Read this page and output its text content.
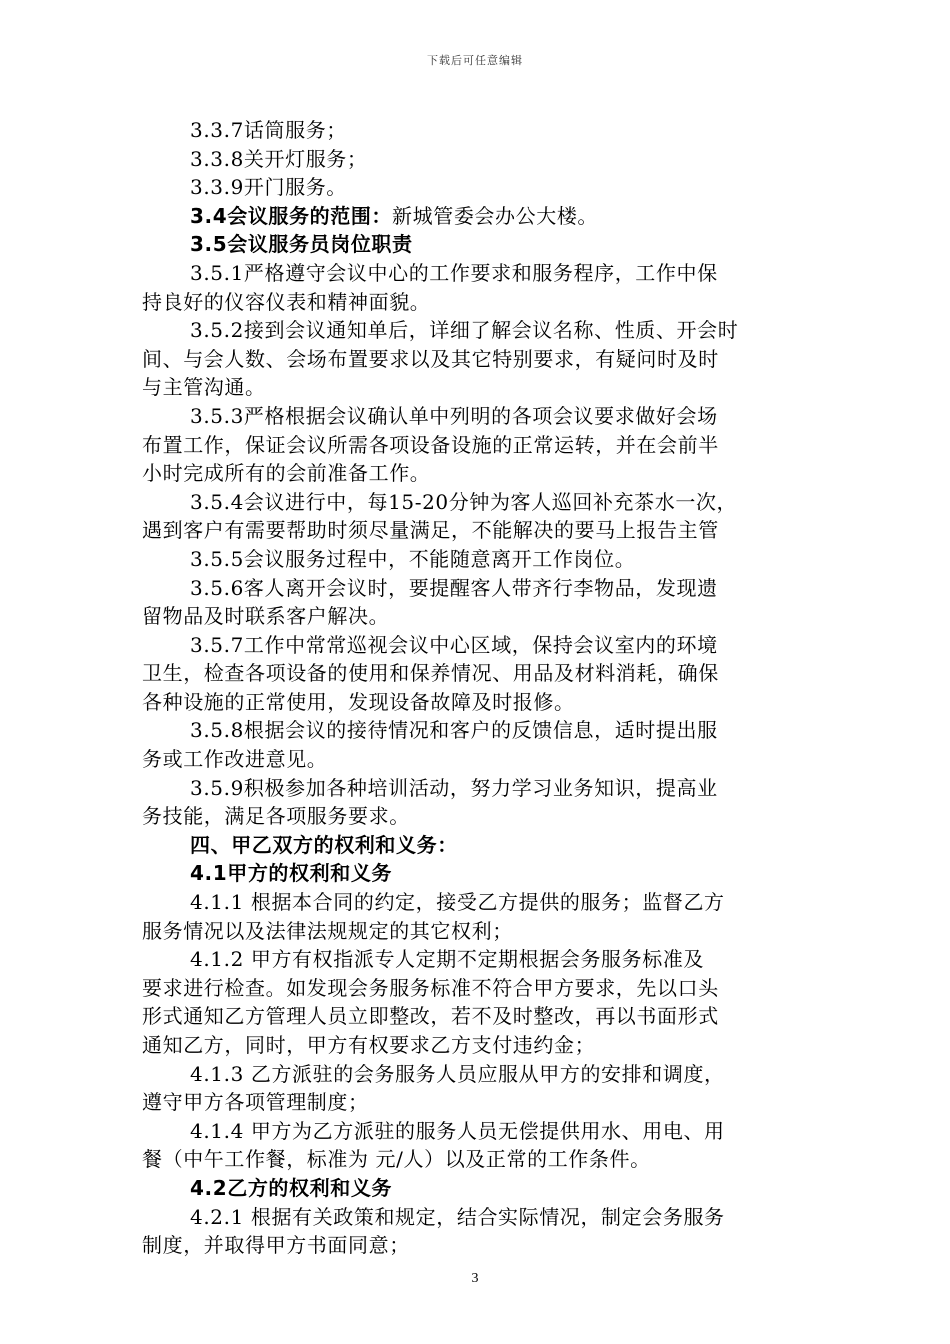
下载后可任意编辑
3.3.7话筒服务；
3.3.8关开灯服务；
3.3.9开门服务。
3.4会议服务的范围：新城管委会办公大楼。
3.5会议服务员岗位职责
3.5.1严格遵守会议中心的工作要求和服务程序，工作中保
持良好的仪容仪表和精神面貌。
3.5.2接到会议通知单后，详细了解会议名称、性质、开会时
间、与会人数、会场布置要求以及其它特别要求，有疑问时及时
与主管沟通。
3.5.3严格根据会议确认单中列明的各项会议要求做好会场
布置工作，保证会议所需各项设备设施的正常运转，并在会前半
小时完成所有的会前准备工作。
3.5.4会议进行中，每15-20分钟为客人巡回补充茶水一次，
遇到客户有需要帮助时须尽量满足，不能解决的要马上报告主管
3.5.5会议服务过程中，不能随意离开工作岗位。
3.5.6客人离开会议时，要提醒客人带齐行李物品，发现遗
留物品及时联系客户解决。
3.5.7工作中常常巡视会议中心区域，保持会议室内的环境
卫生，检查各项设备的使用和保养情况、用品及材料消耗，确保
各种设施的正常使用，发现设备故障及时报修。
3.5.8根据会议的接待情况和客户的反馈信息，适时提出服
务或工作改进意见。
3.5.9积极参加各种培训活动，努力学习业务知识，提高业
务技能，满足各项服务要求。
四、甲乙双方的权利和义务：
4.1甲方的权利和义务
4.1.1 根据本合同的约定，接受乙方提供的服务；监督乙方
服务情况以及法律法规规定的其它权利；
4.1.2 甲方有权指派专人定期不定期根据会务服务标准及
要求进行检查。如发现会务服务标准不符合甲方要求，先以口头
形式通知乙方管理人员立即整改，若不及时整改，再以书面形式
通知乙方，同时，甲方有权要求乙方支付违约金；
4.1.3 乙方派驻的会务服务人员应服从甲方的安排和调度，
遵守甲方各项管理制度；
4.1.4 甲方为乙方派驻的服务人员无偿提供用水、用电、用
餐（中午工作餐，标准为 元/人）以及正常的工作条件。
4.2乙方的权利和义务
4.2.1 根据有关政策和规定，结合实际情况，制定会务服务
制度，并取得甲方书面同意；
3
